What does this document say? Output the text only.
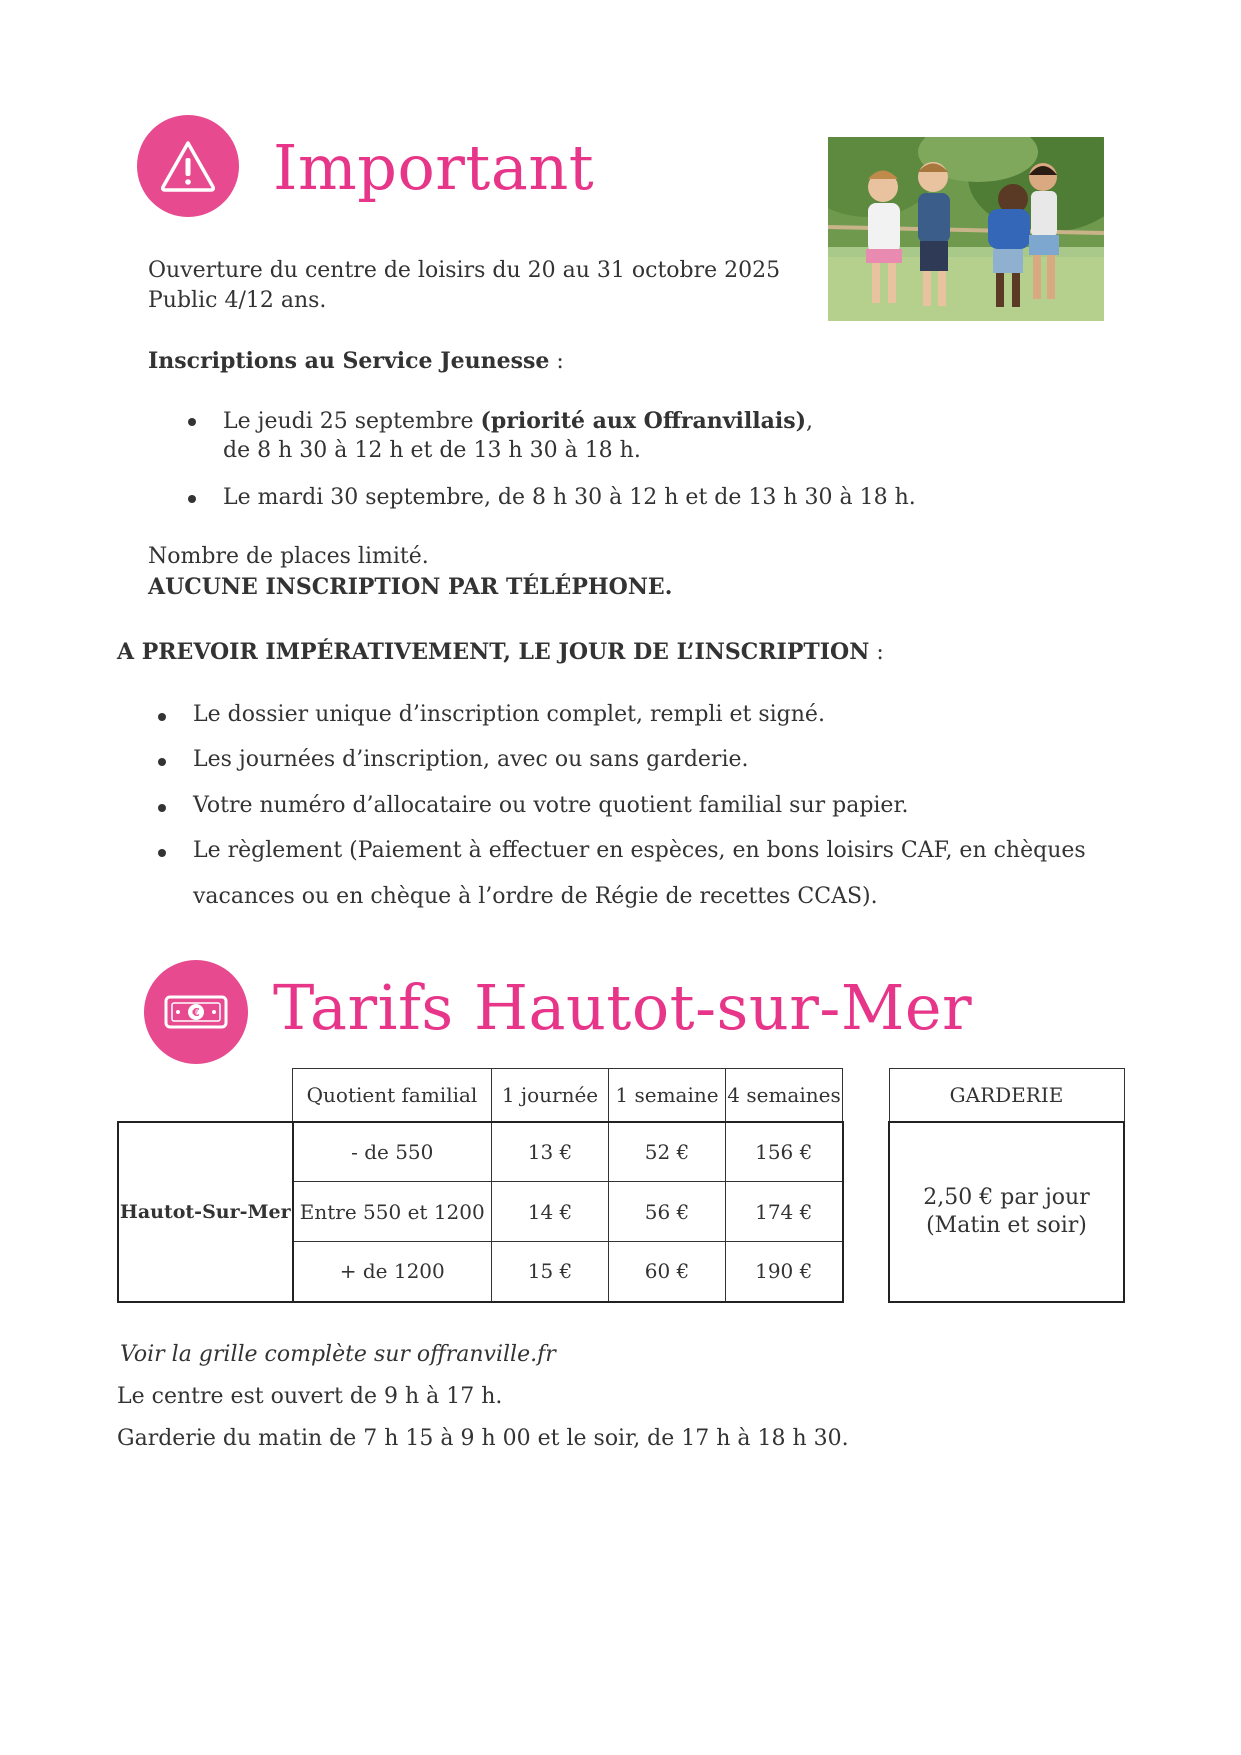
Important
Ouverture du centre de loisirs du 20 au 31 octobre 2025
Public 4/12 ans.
Inscriptions au Service Jeunesse :
Le jeudi 25 septembre (priorité aux Offranvillais),
de 8 h 30 à 12 h et de 13 h 30 à 18 h.
Le mardi 30 septembre, de 8 h 30 à 12 h et de 13 h 30 à 18 h.
Nombre de places limité.
AUCUNE INSCRIPTION PAR TÉLÉPHONE.
A PREVOIR IMPÉRATIVEMENT, LE JOUR DE L’INSCRIPTION :
Le dossier unique d’inscription complet, rempli et signé.
Les journées d’inscription, avec ou sans garderie.
Votre numéro d’allocataire ou votre quotient familial sur papier.
Le règlement (Paiement à effectuer en espèces, en bons loisirs CAF, en chèques
vacances ou en chèque à l’ordre de Régie de recettes CCAS).
€ Tarifs Hautot-sur-Mer
	Quotient familial	1 journée	1 semaine	4 semaines
Hautot-Sur-Mer	- de 550	13 €	52 €	156 €
	Entre 550 et 1200	14 €	56 €	174 €
	+ de 1200	15 €	60 €	190 €
GARDERIE

2,50 € par jour
(Matin et soir)
Voir la grille complète sur offranville.fr
Le centre est ouvert de 9 h à 17 h.
Garderie du matin de 7 h 15 à 9 h 00 et le soir, de 17 h à 18 h 30.
